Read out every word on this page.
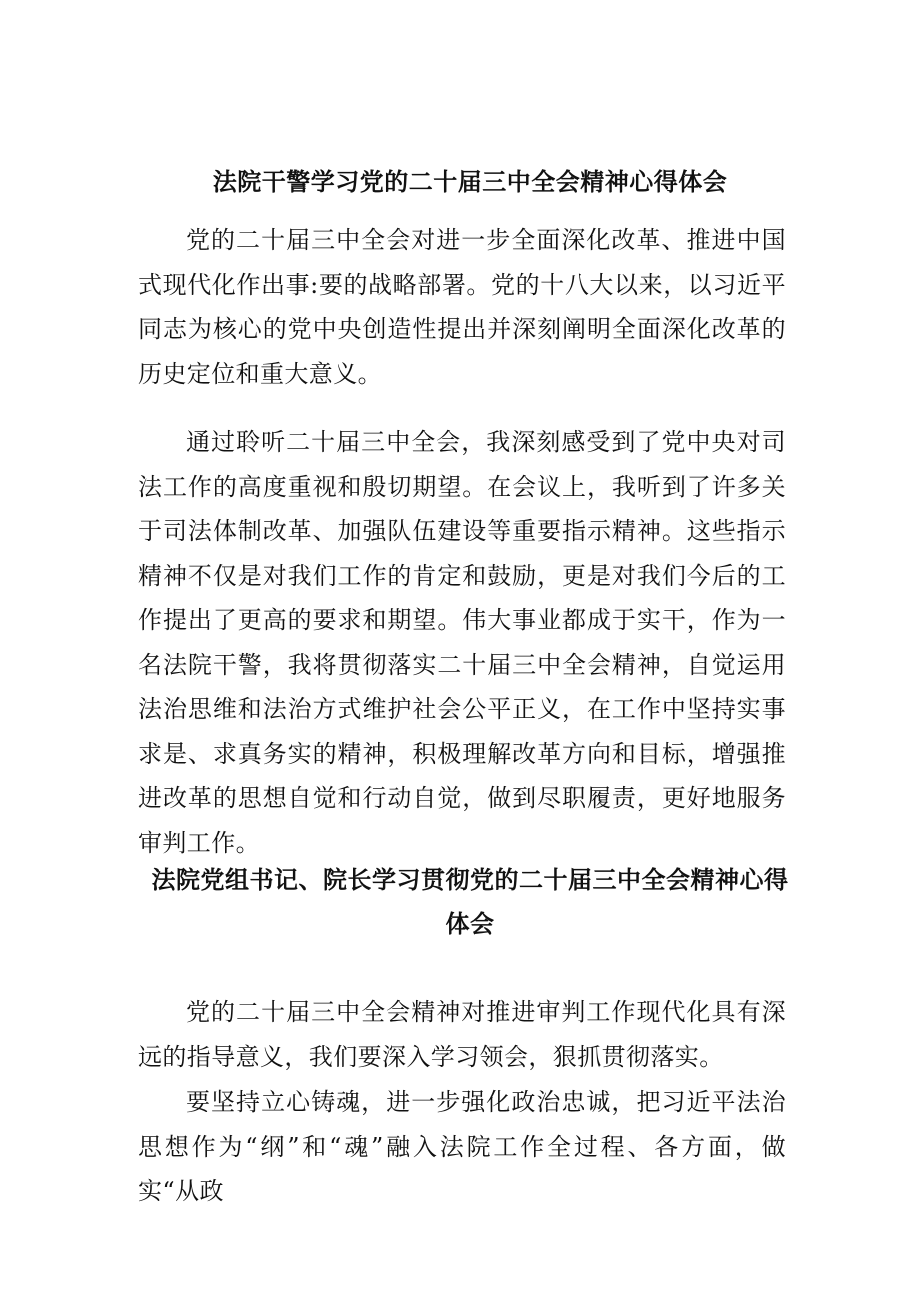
法院干警学习党的二十届三中全会精神心得体会

党的二十届三中全会对进一步全面深化改革、推进中国式现代化作出事:要的战略部署。党的十八大以来，以习近平同志为核心的党中央创造性提出并深刻阐明全面深化改革的历史定位和重大意义。

通过聆听二十届三中全会，我深刻感受到了党中央对司法工作的高度重视和殷切期望。在会议上，我听到了许多关于司法体制改革、加强队伍建设等重要指示精神。这些指示精神不仅是对我们工作的肯定和鼓励，更是对我们今后的工作提出了更高的要求和期望。伟大事业都成于实干，作为一名法院干警，我将贯彻落实二十届三中全会精神，自觉运用法治思维和法治方式维护社会公平正义，在工作中坚持实事求是、求真务实的精神，积极理解改革方向和目标，增强推进改革的思想自觉和行动自觉，做到尽职履责，更好地服务审判工作。

法院党组书记、院长学习贯彻党的二十届三中全会精神心得体会

党的二十届三中全会精神对推进审判工作现代化具有深远的指导意义，我们要深入学习领会，狠抓贯彻落实。

要坚持立心铸魂，进一步强化政治忠诚，把习近平法治思想作为“纲”和“魂”融入法院工作全过程、各方面，做实“从政
